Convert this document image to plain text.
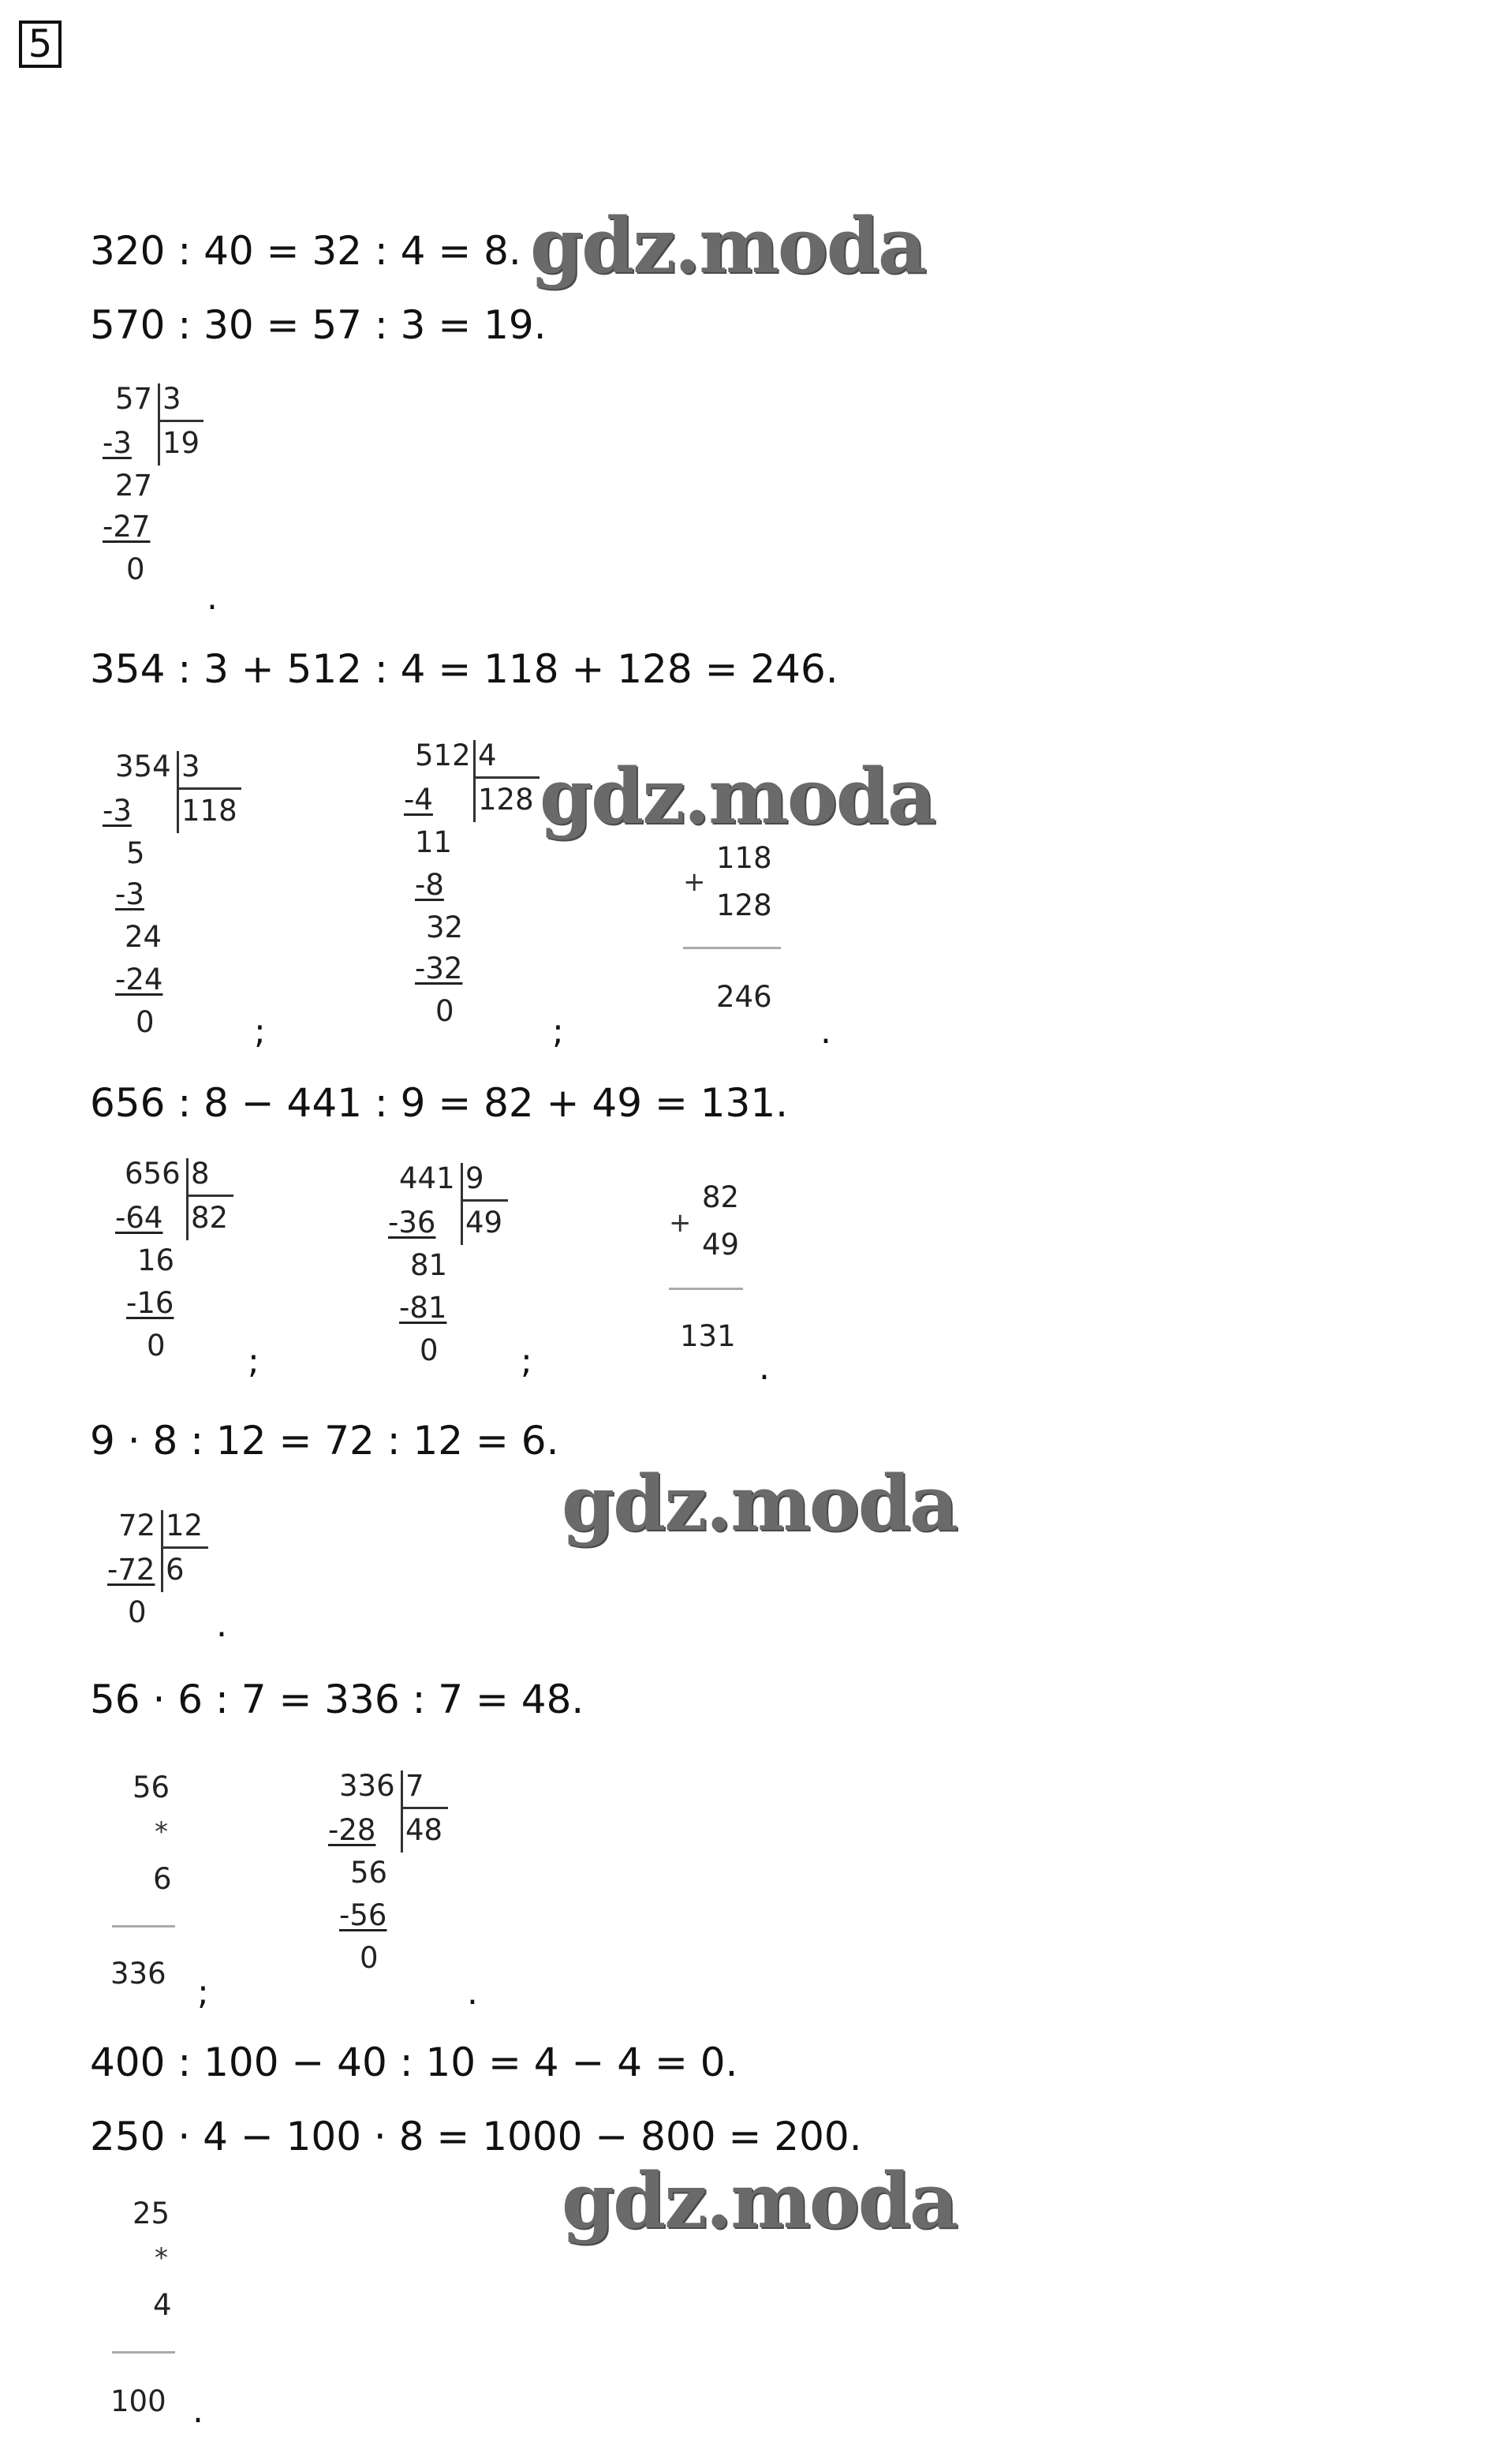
5
320 : 40 = 32 : 4 = 8.
570 : 30 = 57 : 3 = 19.
354 : 3 + 512 : 4 = 118 + 128 = 246.
656 : 8 − 441 : 9 = 82 + 49 = 131.
9 · 8 : 12 = 72 : 12 = 6.
56 · 6 : 7 = 336 : 7 = 48.
400 : 100 − 40 : 10 = 4 − 4 = 0.
250 · 4 − 100 · 8 = 1000 − 800 = 200.
gdz.moda
gdz.moda
gdz.moda
gdz.moda
57 3
19
-3
27
-27
0
.
354 3
118
-3
5
-3
24
-24
0	;
512 4
128
-4
11
-8
32
-32
0
;
118
+
128
246
.
656 8
82
-64
16
-16
0 ;
441 9
49
-36
81
-81
0 ;
82
+
49
131
.
72 12
6
-72
0 .
56
*
6
336 ;
336 7
48
-28
56
-56
0
.
25
*
4
100 .
